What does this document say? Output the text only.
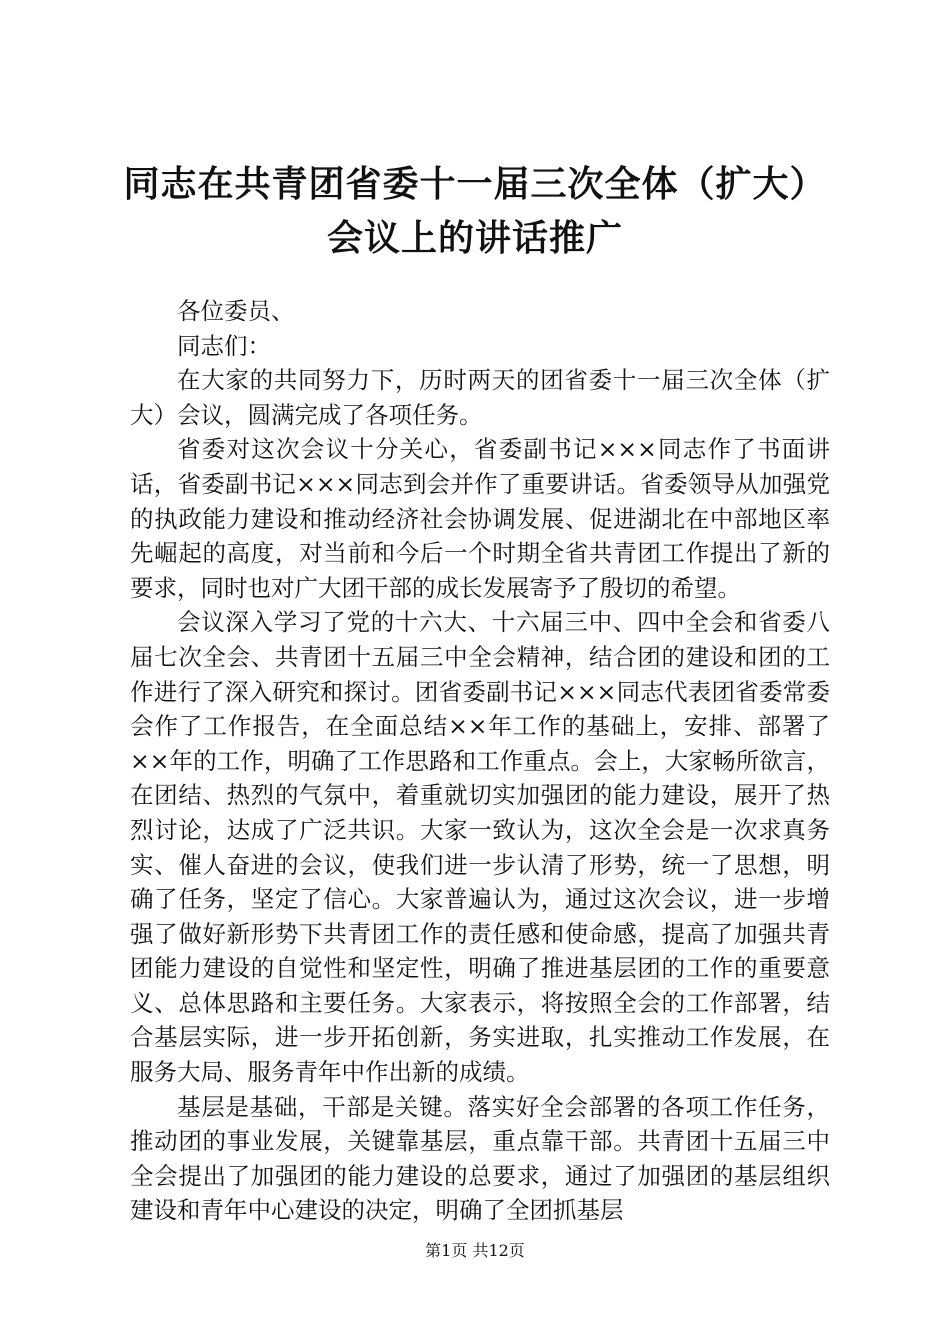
同志在共青团省委十一届三次全体（扩大）会议上的讲话推广

各位委员、

同志们：

在大家的共同努力下，历时两天的团省委十一届三次全体（扩大）会议，圆满完成了各项任务。

省委对这次会议十分关心，省委副书记×××同志作了书面讲话，省委副书记×××同志到会并作了重要讲话。省委领导从加强党的执政能力建设和推动经济社会协调发展、促进湖北在中部地区率先崛起的高度，对当前和今后一个时期全省共青团工作提出了新的要求，同时也对广大团干部的成长发展寄予了殷切的希望。

会议深入学习了党的十六大、十六届三中、四中全会和省委八届七次全会、共青团十五届三中全会精神，结合团的建设和团的工作进行了深入研究和探讨。团省委副书记×××同志代表团省委常委会作了工作报告，在全面总结××年工作的基础上，安排、部署了××年的工作，明确了工作思路和工作重点。会上，大家畅所欲言，在团结、热烈的气氛中，着重就切实加强团的能力建设，展开了热烈讨论，达成了广泛共识。大家一致认为，这次全会是一次求真务实、催人奋进的会议，使我们进一步认清了形势，统一了思想，明确了任务，坚定了信心。大家普遍认为，通过这次会议，进一步增强了做好新形势下共青团工作的责任感和使命感，提高了加强共青团能力建设的自觉性和坚定性，明确了推进基层团的工作的重要意义、总体思路和主要任务。大家表示，将按照全会的工作部署，结合基层实际，进一步开拓创新，务实进取，扎实推动工作发展，在服务大局、服务青年中作出新的成绩。

基层是基础，干部是关键。落实好全会部署的各项工作任务，推动团的事业发展，关键靠基层，重点靠干部。共青团十五届三中全会提出了加强团的能力建设的总要求，通过了加强团的基层组织建设和青年中心建设的决定，明确了全团抓基层

第1页 共12页
